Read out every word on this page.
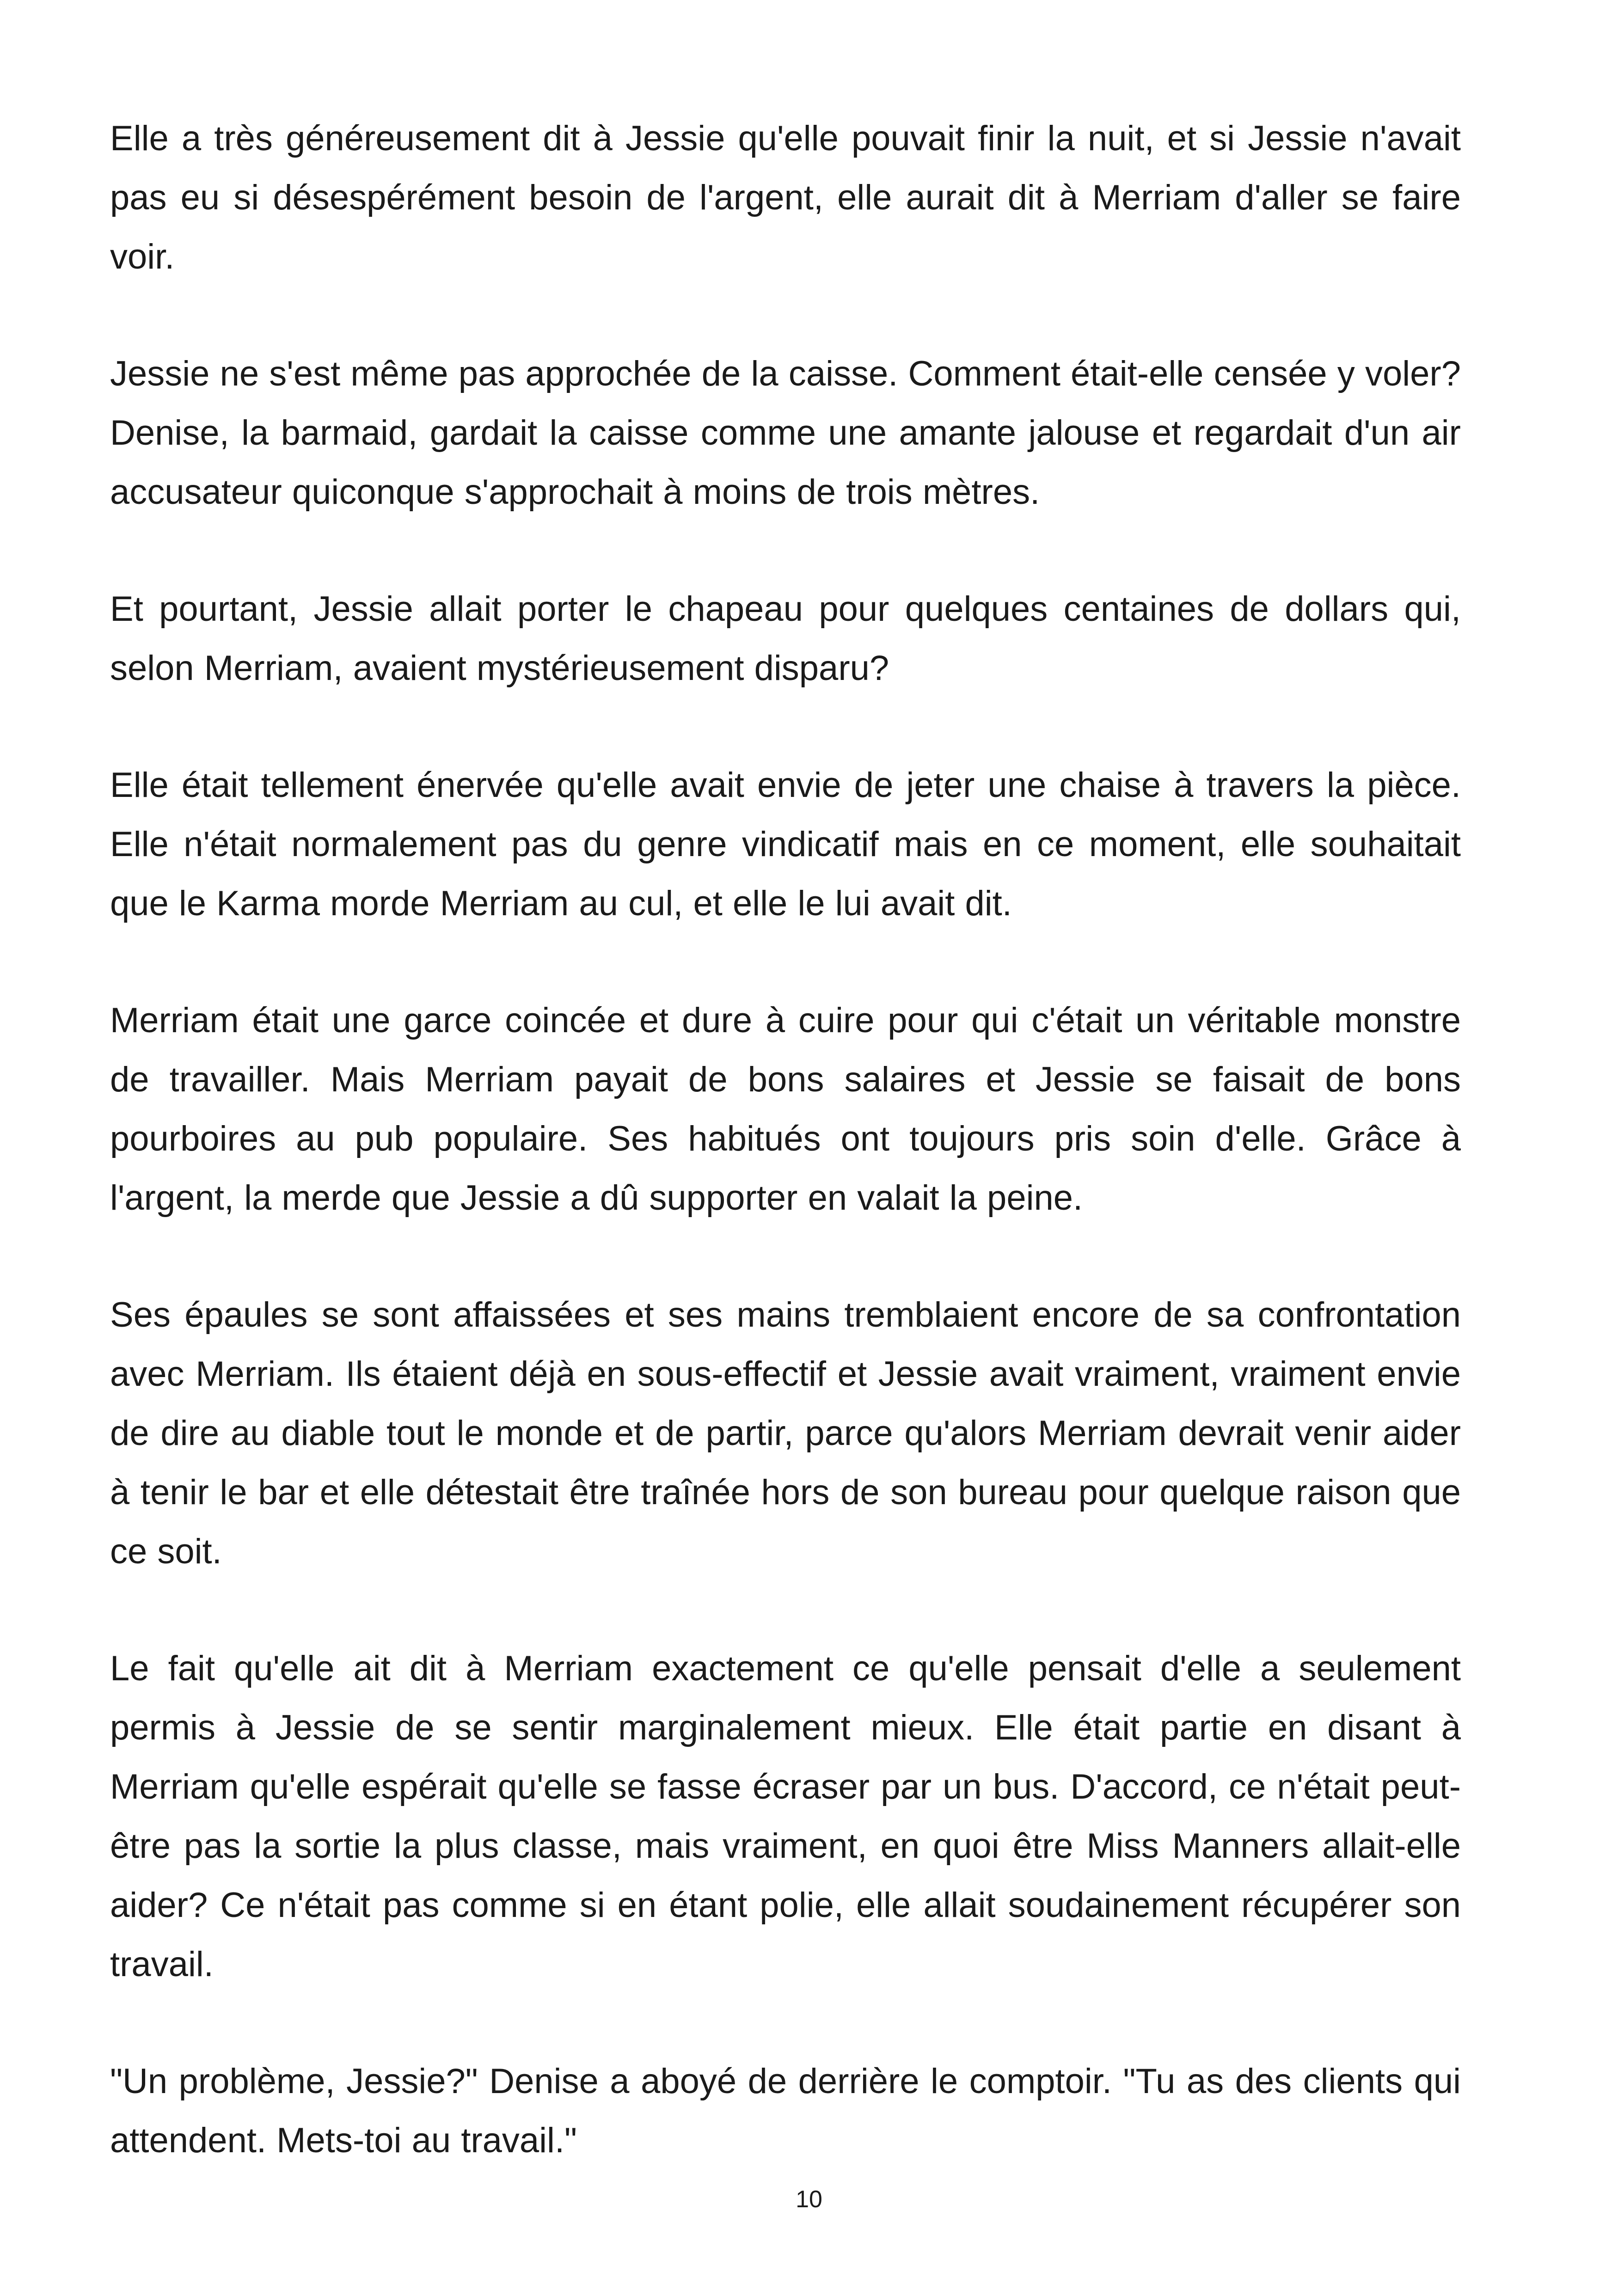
Elle a très généreusement dit à Jessie qu'elle pouvait finir la nuit, et si Jessie n'avait pas eu si désespérément besoin de l'argent, elle aurait dit à Merriam d'aller se faire voir.

Jessie ne s'est même pas approchée de la caisse. Comment était-elle censée y voler? Denise, la barmaid, gardait la caisse comme une amante jalouse et regardait d'un air accusateur quiconque s'approchait à moins de trois mètres.

Et pourtant, Jessie allait porter le chapeau pour quelques centaines de dollars qui, selon Merriam, avaient mystérieusement disparu?

Elle était tellement énervée qu'elle avait envie de jeter une chaise à travers la pièce. Elle n'était normalement pas du genre vindicatif mais en ce moment, elle souhaitait que le Karma morde Merriam au cul, et elle le lui avait dit.

Merriam était une garce coincée et dure à cuire pour qui c'était un véritable monstre de travailler. Mais Merriam payait de bons salaires et Jessie se faisait de bons pourboires au pub populaire. Ses habitués ont toujours pris soin d'elle. Grâce à l'argent, la merde que Jessie a dû supporter en valait la peine.

Ses épaules se sont affaissées et ses mains tremblaient encore de sa confrontation avec Merriam. Ils étaient déjà en sous-effectif et Jessie avait vraiment, vraiment envie de dire au diable tout le monde et de partir, parce qu'alors Merriam devrait venir aider à tenir le bar et elle détestait être traînée hors de son bureau pour quelque raison que ce soit.

Le fait qu'elle ait dit à Merriam exactement ce qu'elle pensait d'elle a seulement permis à Jessie de se sentir marginalement mieux. Elle était partie en disant à Merriam qu'elle espérait qu'elle se fasse écraser par un bus. D'accord, ce n'était peut-être pas la sortie la plus classe, mais vraiment, en quoi être Miss Manners allait-elle aider? Ce n'était pas comme si en étant polie, elle allait soudainement récupérer son travail.

"Un problème, Jessie?" Denise a aboyé de derrière le comptoir. "Tu as des clients qui attendent. Mets-toi au travail."

10
